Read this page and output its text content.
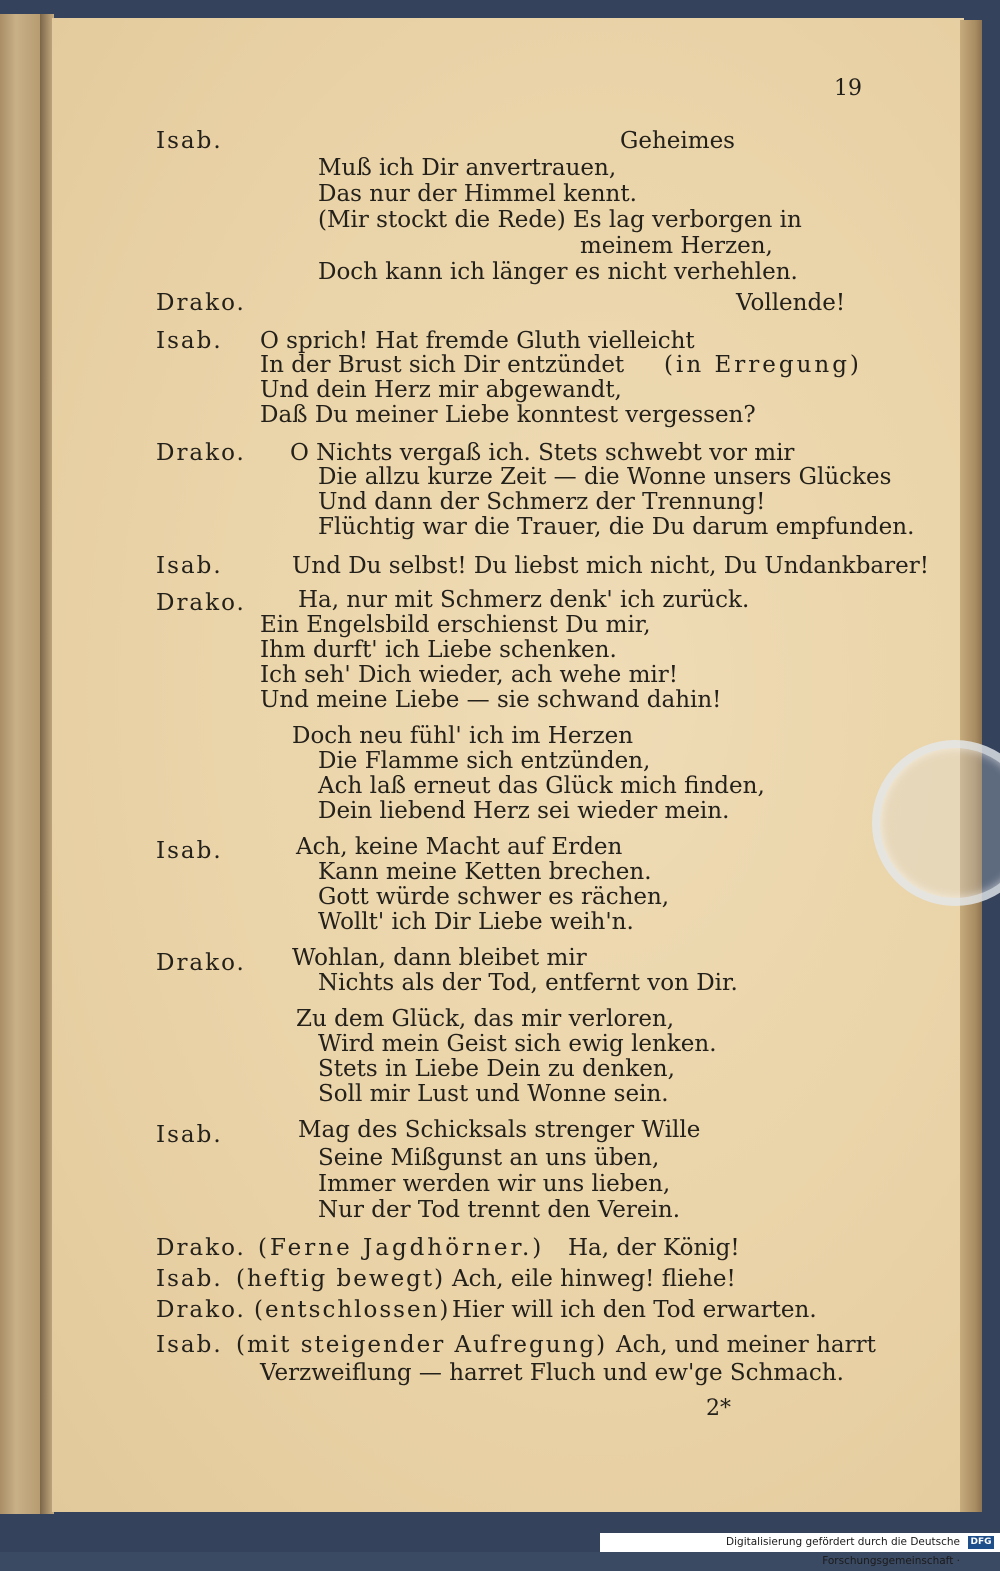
19
Isab.	Geheimes
Muß ich Dir anvertrauen,
Das nur der Himmel kennt.
(Mir stockt die Rede) Es lag verborgen in
meinem Herzen,
Doch kann ich länger es nicht verhehlen.
Drako.	Vollende!
Isab. O sprich! Hat fremde Gluth vielleicht
In der Brust sich Dir entzündet (in Erregung)
Und dein Herz mir abgewandt,
Daß Du meiner Liebe konntest vergessen?
Drako. O Nichts vergaß ich. Stets schwebt vor mir
Die allzu kurze Zeit — die Wonne unsers Glückes
Und dann der Schmerz der Trennung!
Flüchtig war die Trauer, die Du darum empfunden.
Isab.	Und Du selbst! Du liebst mich nicht, Du Undankbarer!
Drako. Ha, nur mit Schmerz denk' ich zurück.
Ein Engelsbild erschienst Du mir,
Ihm durft' ich Liebe schenken.
Ich seh' Dich wieder, ach wehe mir!
Und meine Liebe — sie schwand dahin!
Doch neu fühl' ich im Herzen
Die Flamme sich entzünden,
Ach laß erneut das Glück mich finden,
Dein liebend Herz sei wieder mein.
Isab.	Ach, keine Macht auf Erden
Kann meine Ketten brechen.
Gott würde schwer es rächen,
Wollt' ich Dir Liebe weih'n.
Drako. Wohlan, dann bleibet mir
Nichts als der Tod, entfernt von Dir.
Zu dem Glück, das mir verloren,
Wird mein Geist sich ewig lenken.
Stets in Liebe Dein zu denken,
Soll mir Lust und Wonne sein.
Isab.	Mag des Schicksals strenger Wille
Seine Mißgunst an uns üben,
Immer werden wir uns lieben,
Nur der Tod trennt den Verein.
Drako. (Ferne Jagdhörner.) Ha, der König!
Isab. (heftig bewegt) Ach, eile hinweg! fliehe!
Drako. (entschlossen) Hier will ich den Tod erwarten.
Isab. (mit steigender Aufregung) Ach, und meiner harrt
Verzweiflung — harret Fluch und ew'ge Schmach.
2*
Digitalisierung gefördert durch die Deutsche Forschungsgemeinschaft ·
DFG
